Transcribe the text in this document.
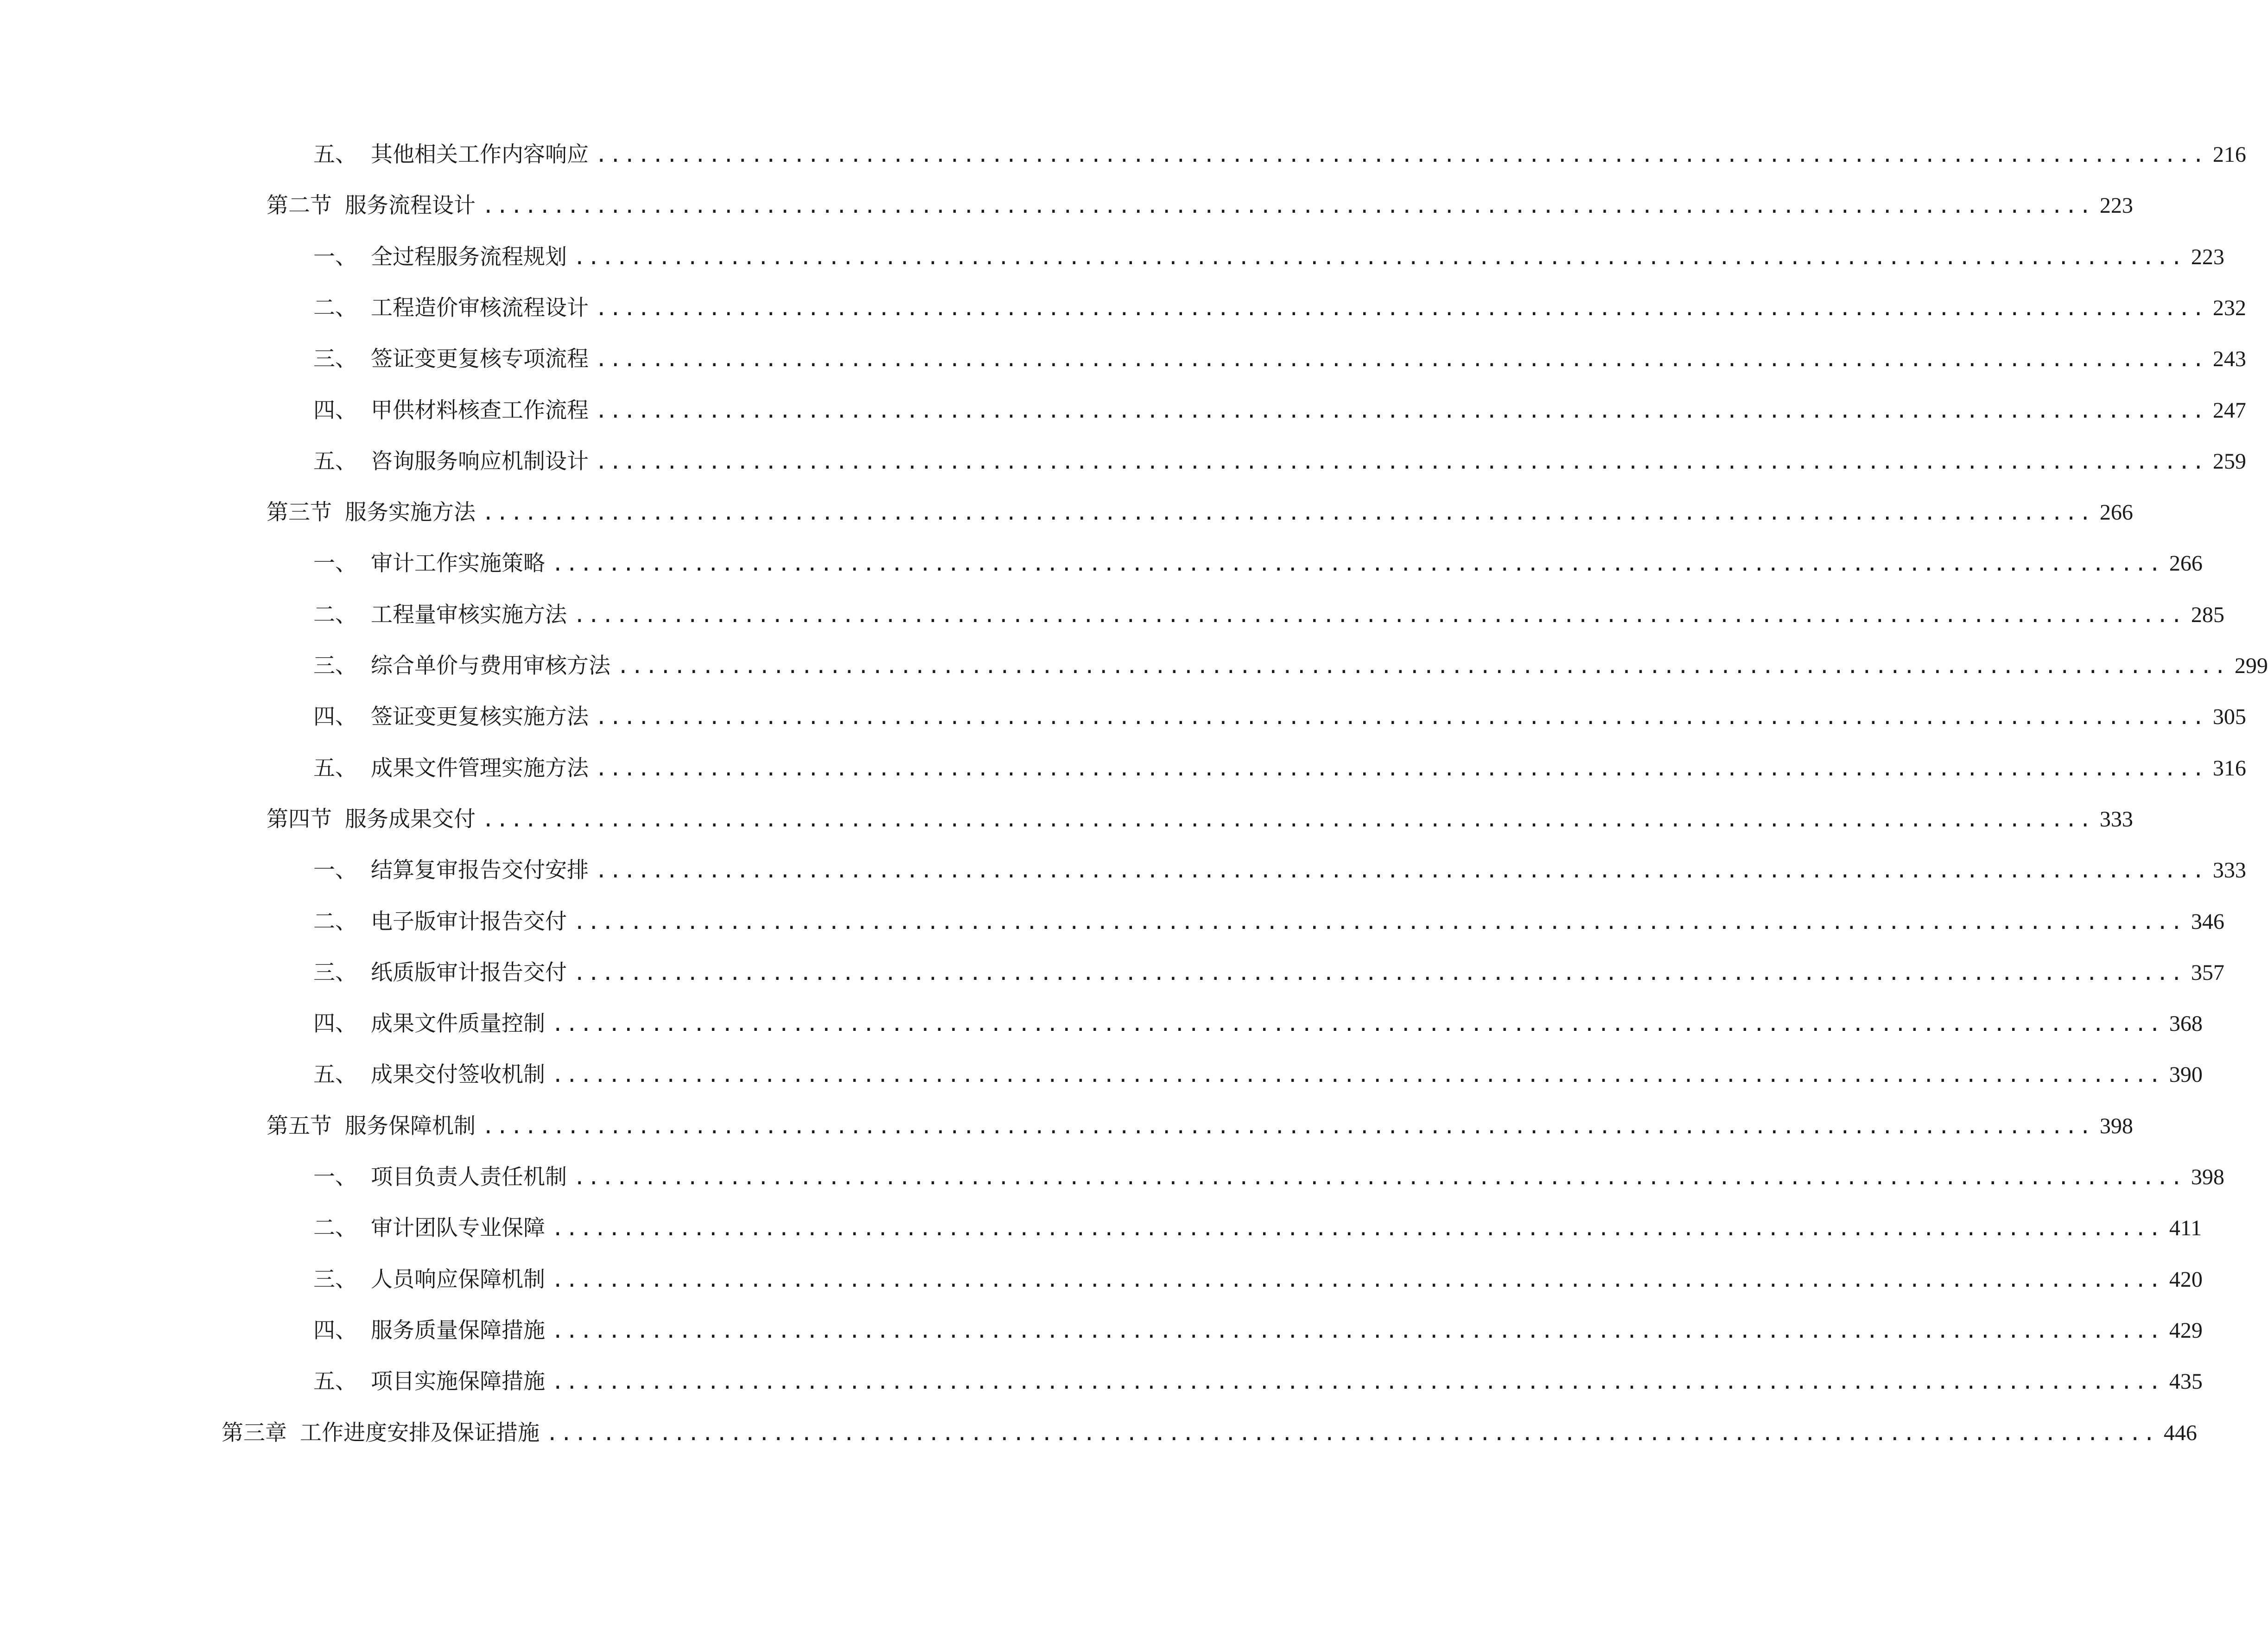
五、 其他相关工作内容响应 .................................................................................................................. 216
第二节 服务流程设计 .................................................................................................................. 223
一、 全过程服务流程规划 .................................................................................................................. 223
二、 工程造价审核流程设计 .................................................................................................................. 232
三、 签证变更复核专项流程 .................................................................................................................. 243
四、 甲供材料核查工作流程 .................................................................................................................. 247
五、 咨询服务响应机制设计 .................................................................................................................. 259
第三节 服务实施方法 .................................................................................................................. 266
一、 审计工作实施策略 .................................................................................................................. 266
二、 工程量审核实施方法 .................................................................................................................. 285
三、 综合单价与费用审核方法 .................................................................................................................. 299
四、 签证变更复核实施方法 .................................................................................................................. 305
五、 成果文件管理实施方法 .................................................................................................................. 316
第四节 服务成果交付 .................................................................................................................. 333
一、 结算复审报告交付安排 .................................................................................................................. 333
二、 电子版审计报告交付 .................................................................................................................. 346
三、 纸质版审计报告交付 .................................................................................................................. 357
四、 成果文件质量控制 .................................................................................................................. 368
五、 成果交付签收机制 .................................................................................................................. 390
第五节 服务保障机制 .................................................................................................................. 398
一、 项目负责人责任机制 .................................................................................................................. 398
二、 审计团队专业保障 .................................................................................................................. 411
三、 人员响应保障机制 .................................................................................................................. 420
四、 服务质量保障措施 .................................................................................................................. 429
五、 项目实施保障措施 .................................................................................................................. 435
第三章 工作进度安排及保证措施 .................................................................................................................. 446
